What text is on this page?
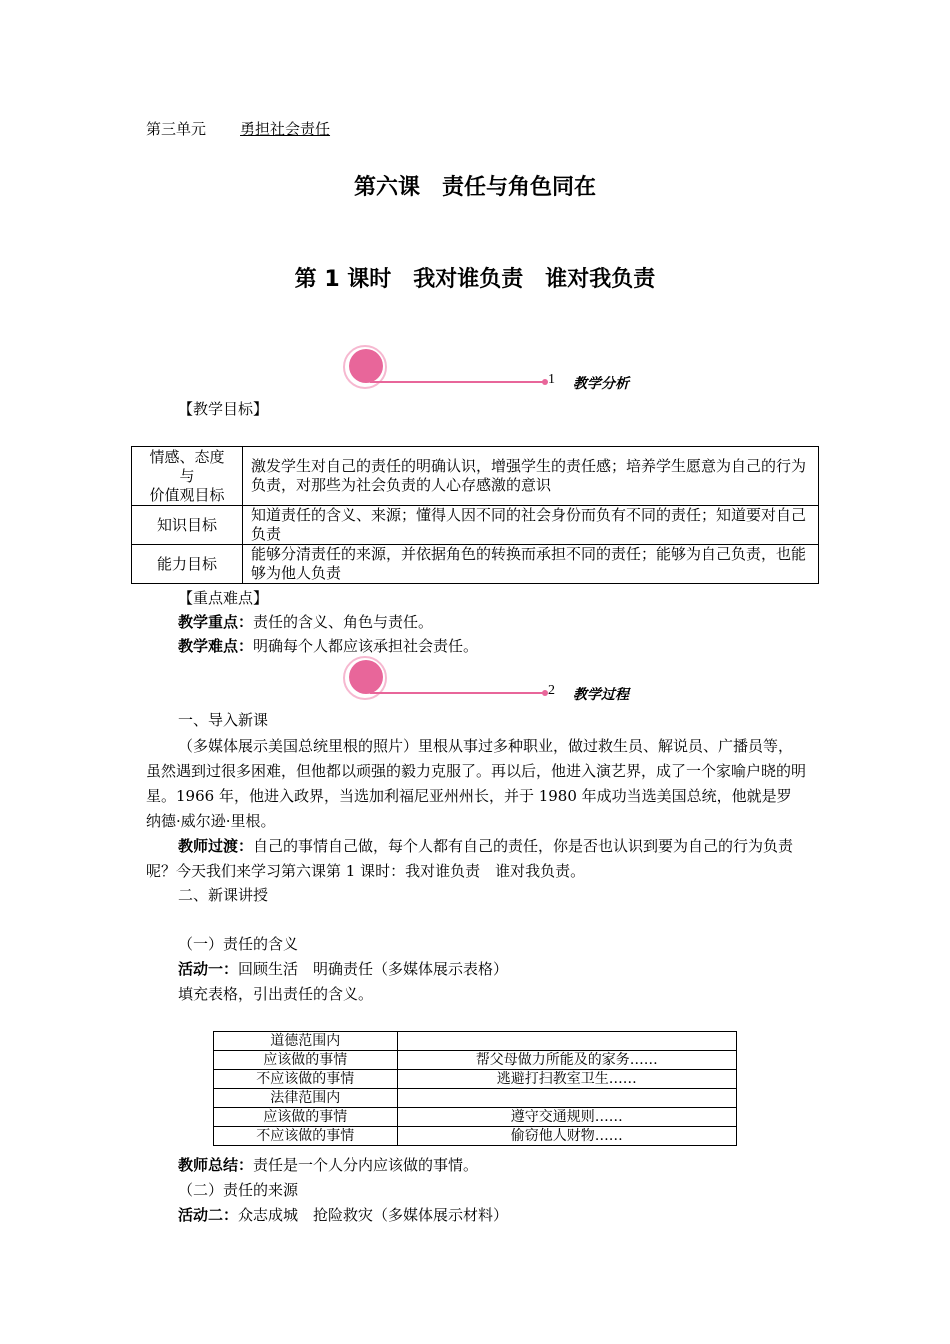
第三单元 勇担社会责任
第六课　责任与角色同在
第 1 课时　我对谁负责　谁对我负责
1 教学分析
【教学目标】
情感、态度
与
价值观目标	激发学生对自己的责任的明确认识，增强学生的责任感；培养学生愿意为自己的行为负责，对那些为社会负责的人心存感激的意识
知识目标	知道责任的含义、来源；懂得人因不同的社会身份而负有不同的责任；知道要对自己负责
能力目标	能够分清责任的来源，并依据角色的转换而承担不同的责任；能够为自己负责，也能够为他人负责
【重点难点】
教学重点：责任的含义、角色与责任。
教学难点：明确每个人都应该承担社会责任。
2 教学过程
一、导入新课
（多媒体展示美国总统里根的照片）里根从事过多种职业，做过救生员、解说员、广播员等，虽然遇到过很多困难，但他都以顽强的毅力克服了。再以后，他进入演艺界，成了一个家喻户晓的明星。1966 年，他进入政界，当选加利福尼亚州州长，并于 1980 年成功当选美国总统，他就是罗纳德·威尔逊·里根。
教师过渡：自己的事情自己做，每个人都有自己的责任，你是否也认识到要为自己的行为负责呢？今天我们来学习第六课第 1 课时：我对谁负责　谁对我负责。
二、新课讲授
（一）责任的含义
活动一：回顾生活　明确责任（多媒体展示表格）
填充表格，引出责任的含义。
道德范围内	
应该做的事情	帮父母做力所能及的家务……
不应该做的事情	逃避打扫教室卫生……
法律范围内	
应该做的事情	遵守交通规则……
不应该做的事情	偷窃他人财物……
教师总结：责任是一个人分内应该做的事情。
（二）责任的来源
活动二：众志成城　抢险救灾（多媒体展示材料）
